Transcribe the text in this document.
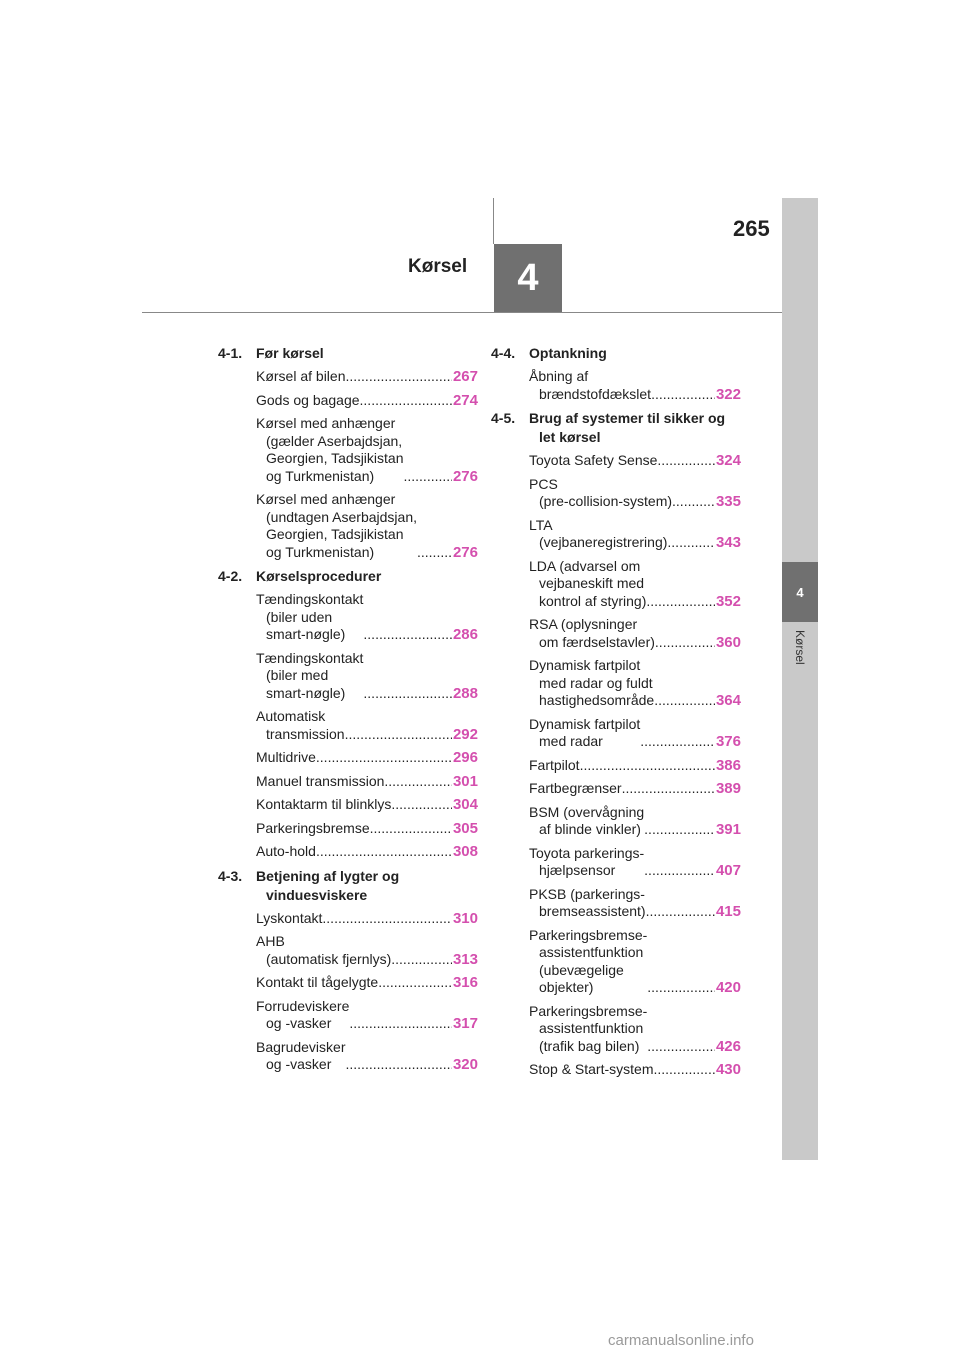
4
Kørsel
265
4
Kørsel
4-1. Før kørsel
Kørsel af bilen .....	267
Gods og bagage .....	274
Kørsel med anhænger
(gælder Aserbajdsjan,
Georgien, Tadsjikistan
og Turkmenistan) .....	276
Kørsel med anhænger
(undtagen Aserbajdsjan,
Georgien, Tadsjikistan
og Turkmenistan) .....	276
4-2. Kørselsprocedurer
Tændingskontakt
(biler uden
smart-nøgle) .....	286
Tændingskontakt
(biler med
smart-nøgle) .....	288
Automatisk
transmission .....	292
Multidrive .....	296
Manuel transmission .....	301
Kontaktarm til blinklys .....	304
Parkeringsbremse .....	305
Auto-hold .....	308
4-3. Betjening af lygter og vinduesviskere
Lyskontakt .....	310
AHB
(automatisk fjernlys) .....	313
Kontakt til tågelygte .....	316
Forrudeviskere
og -vasker .....	317
Bagrudevisker
og -vasker .....	320
4-4. Optankning
Åbning af
brændstofdækslet .....	322
4-5. Brug af systemer til sikker og let kørsel
Toyota Safety Sense .....	324
PCS
(pre-collision-system) .....	335
LTA
(vejbaneregistrering) .....	343
LDA (advarsel om
vejbaneskift med
kontrol af styring) .....	352
RSA (oplysninger
om færdselstavler) .....	360
Dynamisk fartpilot
med radar og fuldt
hastighedsområde .....	364
Dynamisk fartpilot
med radar .....	376
Fartpilot .....	386
Fartbegrænser .....	389
BSM (overvågning
af blinde vinkler) .....	391
Toyota parkerings-
hjælpsensor .....	407
PKSB (parkerings-
bremseassistent) .....	415
Parkeringsbremse-
assistentfunktion
(ubevægelige
objekter) .....	420
Parkeringsbremse-
assistentfunktion
(trafik bag bilen) .....	426
Stop & Start-system .....	430
carmanualsonline.info
